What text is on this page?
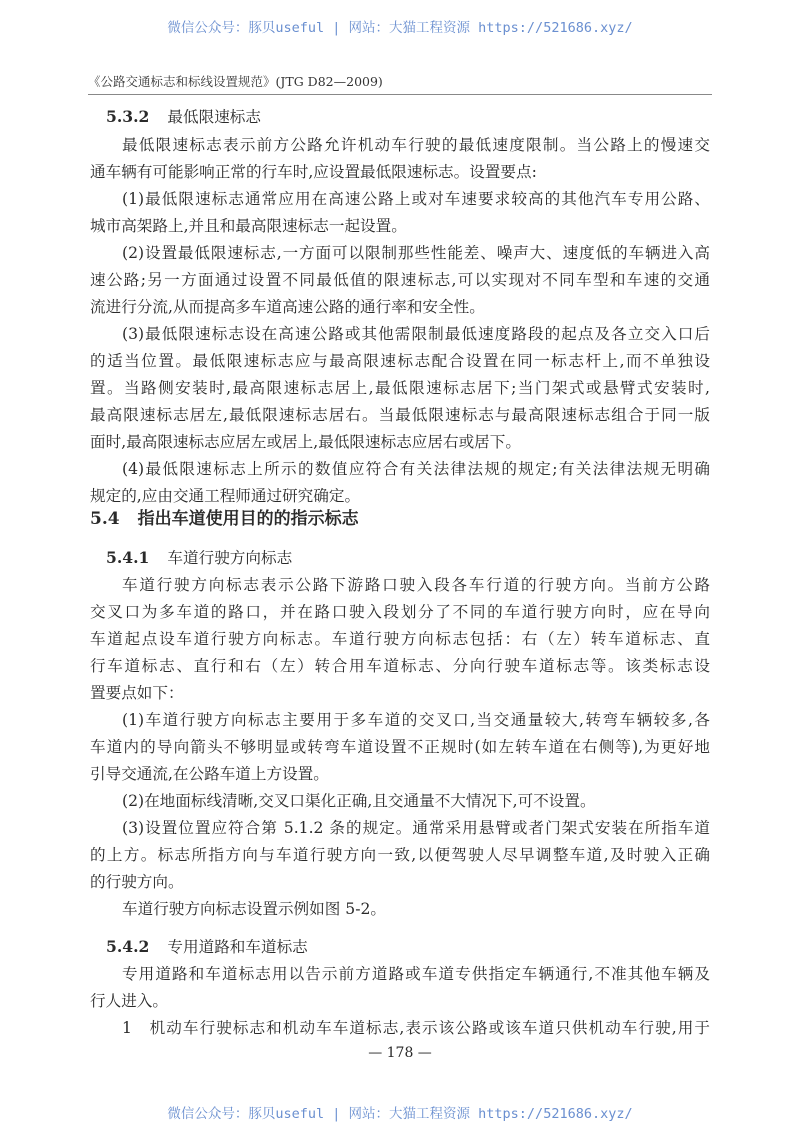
微信公众号：豚贝useful | 网站：大猫工程资源 https://521686.xyz/
《公路交通标志和标线设置规范》(JTG D82—2009)
5.3.2 最低限速标志
最低限速标志表示前方公路允许机动车行驶的最低速度限制。当公路上的慢速交
通车辆有可能影响正常的行车时,应设置最低限速标志。设置要点:
(1)最低限速标志通常应用在高速公路上或对车速要求较高的其他汽车专用公路、
城市高架路上,并且和最高限速标志一起设置。
(2)设置最低限速标志,一方面可以限制那些性能差、噪声大、速度低的车辆进入高
速公路;另一方面通过设置不同最低值的限速标志,可以实现对不同车型和车速的交通
流进行分流,从而提高多车道高速公路的通行率和安全性。
(3)最低限速标志设在高速公路或其他需限制最低速度路段的起点及各立交入口后
的适当位置。最低限速标志应与最高限速标志配合设置在同一标志杆上,而不单独设
置。当路侧安装时,最高限速标志居上,最低限速标志居下;当门架式或悬臂式安装时,
最高限速标志居左,最低限速标志居右。当最低限速标志与最高限速标志组合于同一版
面时,最高限速标志应居左或居上,最低限速标志应居右或居下。
(4)最低限速标志上所示的数值应符合有关法律法规的规定;有关法律法规无明确
规定的,应由交通工程师通过研究确定。
5.4 指出车道使用目的的指示标志
5.4.1 车道行驶方向标志
车道行驶方向标志表示公路下游路口驶入段各车行道的行驶方向。当前方公路
交叉口为多车道的路口，并在路口驶入段划分了不同的车道行驶方向时，应在导向
车道起点设车道行驶方向标志。车道行驶方向标志包括：右（左）转车道标志、直
行车道标志、直行和右（左）转合用车道标志、分向行驶车道标志等。该类标志设
置要点如下：
(1)车道行驶方向标志主要用于多车道的交叉口,当交通量较大,转弯车辆较多,各
车道内的导向箭头不够明显或转弯车道设置不正规时(如左转车道在右侧等),为更好地
引导交通流,在公路车道上方设置。
(2)在地面标线清晰,交叉口渠化正确,且交通量不大情况下,可不设置。
(3)设置位置应符合第 5.1.2 条的规定。通常采用悬臂或者门架式安装在所指车道
的上方。标志所指方向与车道行驶方向一致,以便驾驶人尽早调整车道,及时驶入正确
的行驶方向。
车道行驶方向标志设置示例如图 5-2。
5.4.2 专用道路和车道标志
专用道路和车道标志用以告示前方道路或车道专供指定车辆通行,不准其他车辆及
行人进入。
1　机动车行驶标志和机动车车道标志,表示该公路或该车道只供机动车行驶,用于
— 178 —
微信公众号：豚贝useful | 网站：大猫工程资源 https://521686.xyz/
